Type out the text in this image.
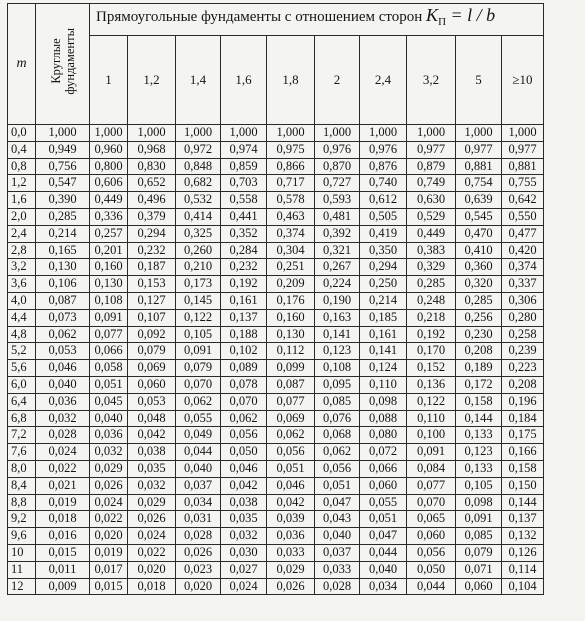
m	Круглые фундаменты	Прямоугольные фундаменты с отношением сторон $K_П = l / b$									
		1	1,2	1,4	1,6	1,8	2	2,4	3,2	5	≥10
0,0	1,000	1,000	1,000	1,000	1,000	1,000	1,000	1,000	1,000	1,000	1,000
0,4	0,949	0,960	0,968	0,972	0,974	0,975	0,976	0,976	0,977	0,977	0,977
0,8	0,756	0,800	0,830	0,848	0,859	0,866	0,870	0,876	0,879	0,881	0,881
1,2	0,547	0,606	0,652	0,682	0,703	0,717	0,727	0,740	0,749	0,754	0,755
1,6	0,390	0,449	0,496	0,532	0,558	0,578	0,593	0,612	0,630	0,639	0,642
2,0	0,285	0,336	0,379	0,414	0,441	0,463	0,481	0,505	0,529	0,545	0,550
2,4	0,214	0,257	0,294	0,325	0,352	0,374	0,392	0,419	0,449	0,470	0,477
2,8	0,165	0,201	0,232	0,260	0,284	0,304	0,321	0,350	0,383	0,410	0,420
3,2	0,130	0,160	0,187	0,210	0,232	0,251	0,267	0,294	0,329	0,360	0,374
3,6	0,106	0,130	0,153	0,173	0,192	0,209	0,224	0,250	0,285	0,320	0,337
4,0	0,087	0,108	0,127	0,145	0,161	0,176	0,190	0,214	0,248	0,285	0,306
4,4	0,073	0,091	0,107	0,122	0,137	0,160	0,163	0,185	0,218	0,256	0,280
4,8	0,062	0,077	0,092	0,105	0,188	0,130	0,141	0,161	0,192	0,230	0,258
5,2	0,053	0,066	0,079	0,091	0,102	0,112	0,123	0,141	0,170	0,208	0,239
5,6	0,046	0,058	0,069	0,079	0,089	0,099	0,108	0,124	0,152	0,189	0,223
6,0	0,040	0,051	0,060	0,070	0,078	0,087	0,095	0,110	0,136	0,172	0,208
6,4	0,036	0,045	0,053	0,062	0,070	0,077	0,085	0,098	0,122	0,158	0,196
6,8	0,032	0,040	0,048	0,055	0,062	0,069	0,076	0,088	0,110	0,144	0,184
7,2	0,028	0,036	0,042	0,049	0,056	0,062	0,068	0,080	0,100	0,133	0,175
7,6	0,024	0,032	0,038	0,044	0,050	0,056	0,062	0,072	0,091	0,123	0,166
8,0	0,022	0,029	0,035	0,040	0,046	0,051	0,056	0,066	0,084	0,133	0,158
8,4	0,021	0,026	0,032	0,037	0,042	0,046	0,051	0,060	0,077	0,105	0,150
8,8	0,019	0,024	0,029	0,034	0,038	0,042	0,047	0,055	0,070	0,098	0,144
9,2	0,018	0,022	0,026	0,031	0,035	0,039	0,043	0,051	0,065	0,091	0,137
9,6	0,016	0,020	0,024	0,028	0,032	0,036	0,040	0,047	0,060	0,085	0,132
10	0,015	0,019	0,022	0,026	0,030	0,033	0,037	0,044	0,056	0,079	0,126
11	0,011	0,017	0,020	0,023	0,027	0,029	0,033	0,040	0,050	0,071	0,114
12	0,009	0,015	0,018	0,020	0,024	0,026	0,028	0,034	0,044	0,060	0,104
